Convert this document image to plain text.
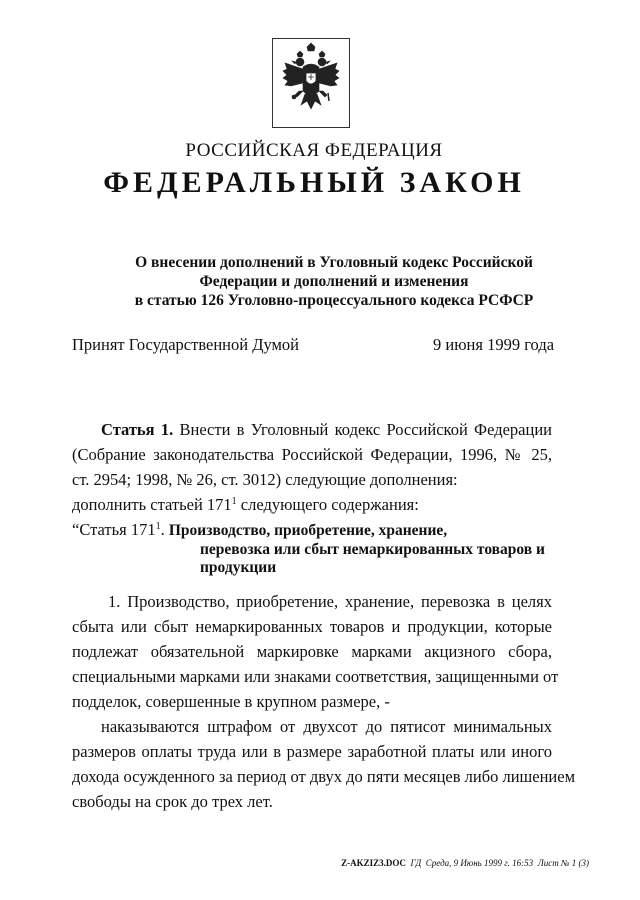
РОССИЙСКАЯ ФЕДЕРАЦИЯ
ФЕДЕРАЛЬНЫЙ ЗАКОН
О внесении дополнений в Уголовный кодекс Российской
Федерации и дополнений и изменения
в статью 126 Уголовно-процессуального кодекса РСФСР
Принят Государственной Думой	9 июня 1999 года
Статья 1. Внести в Уголовный кодекс Российской Федерации
(Собрание законодательства Российской Федерации, 1996, № 25,
ст. 2954; 1998, № 26, ст. 3012) следующие дополнения:
дополнить статьей $171^1$ следующего содержания:
“Статья $171^1$. Производство, приобретение, хранение,
перевозка или сбыт немаркированных товаров и
продукции
1. Производство, приобретение, хранение, перевозка в целях
сбыта или сбыт немаркированных товаров и продукции, которые
подлежат обязательной маркировке марками акцизного сбора,
специальными марками или знаками соответствия, защищенными от
подделок, совершенные в крупном размере, -
наказываются штрафом от двухсот до пятисот минимальных
размеров оплаты труда или в размере заработной платы или иного
дохода осужденного за период от двух до пяти месяцев либо лишением
свободы на срок до трех лет.
Z-AKZIZ3.DOC ГД Среда, 9 Июнь 1999 г. 16:53 Лист № 1 (3)
